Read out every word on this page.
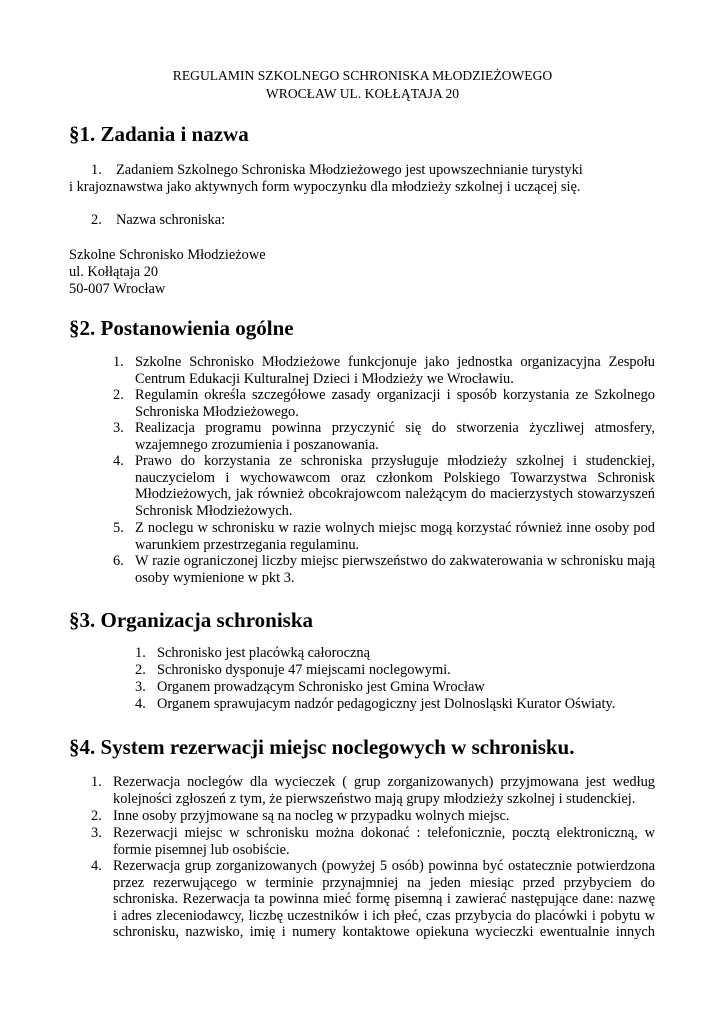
REGULAMIN SZKOLNEGO SCHRONISKA MŁODZIEŻOWEGO
WROCŁAW UL. KOŁŁĄTAJA 20
§1. Zadania i nazwa
1. Zadaniem Szkolnego Schroniska Młodzieżowego jest upowszechnianie turystyki
i krajoznawstwa jako aktywnych form wypoczynku dla młodzieży szkolnej i uczącej się.
2. Nazwa schroniska:
Szkolne Schronisko Młodzieżowe
ul. Kołłątaja 20
50-007 Wrocław
§2. Postanowienia ogólne
1. Szkolne Schronisko Młodzieżowe funkcjonuje jako jednostka organizacyjna Zespołu
Centrum Edukacji Kulturalnej Dzieci i Młodzieży we Wrocławiu.
2. Regulamin określa szczegółowe zasady organizacji i sposób korzystania ze Szkolnego
Schroniska Młodzieżowego.
3. Realizacja programu powinna przyczynić się do stworzenia życzliwej atmosfery,
wzajemnego zrozumienia i poszanowania.
4. Prawo do korzystania ze schroniska przysługuje młodzieży szkolnej i studenckiej,
nauczycielom i wychowawcom oraz członkom Polskiego Towarzystwa Schronisk
Młodzieżowych, jak również obcokrajowcom należącym do macierzystych stowarzyszeń
Schronisk Młodzieżowych.
5. Z noclegu w schronisku w razie wolnych miejsc mogą korzystać również inne osoby pod
warunkiem przestrzegania regulaminu.
6. W razie ograniczonej liczby miejsc pierwszeństwo do zakwaterowania w schronisku mają
osoby wymienione w pkt 3.
§3. Organizacja schroniska
1. Schronisko jest placówką całoroczną
2. Schronisko dysponuje 47 miejscami noclegowymi.
3. Organem prowadzącym Schronisko jest Gmina Wrocław
4. Organem sprawujacym nadzór pedagogiczny jest Dolnosląski Kurator Oświaty.
§4. System rezerwacji miejsc noclegowych w schronisku.
1. Rezerwacja noclegów dla wycieczek ( grup zorganizowanych) przyjmowana jest według
kolejności zgłoszeń z tym, że pierwszeństwo mają grupy młodzieży szkolnej i studenckiej.
2. Inne osoby przyjmowane są na nocleg w przypadku wolnych miejsc.
3. Rezerwacji miejsc w schronisku można dokonać : telefonicznie, pocztą elektroniczną, w
formie pisemnej lub osobiście.
4. Rezerwacja grup zorganizowanych (powyżej 5 osób) powinna być ostatecznie potwierdzona
przez rezerwującego w terminie przynajmniej na jeden miesiąc przed przybyciem do
schroniska. Rezerwacja ta powinna mieć formę pisemną i zawierać następujące dane: nazwę
i adres zleceniodawcy, liczbę uczestników i ich płeć, czas przybycia do placówki i pobytu w
schronisku, nazwisko, imię i numery kontaktowe opiekuna wycieczki ewentualnie innych
